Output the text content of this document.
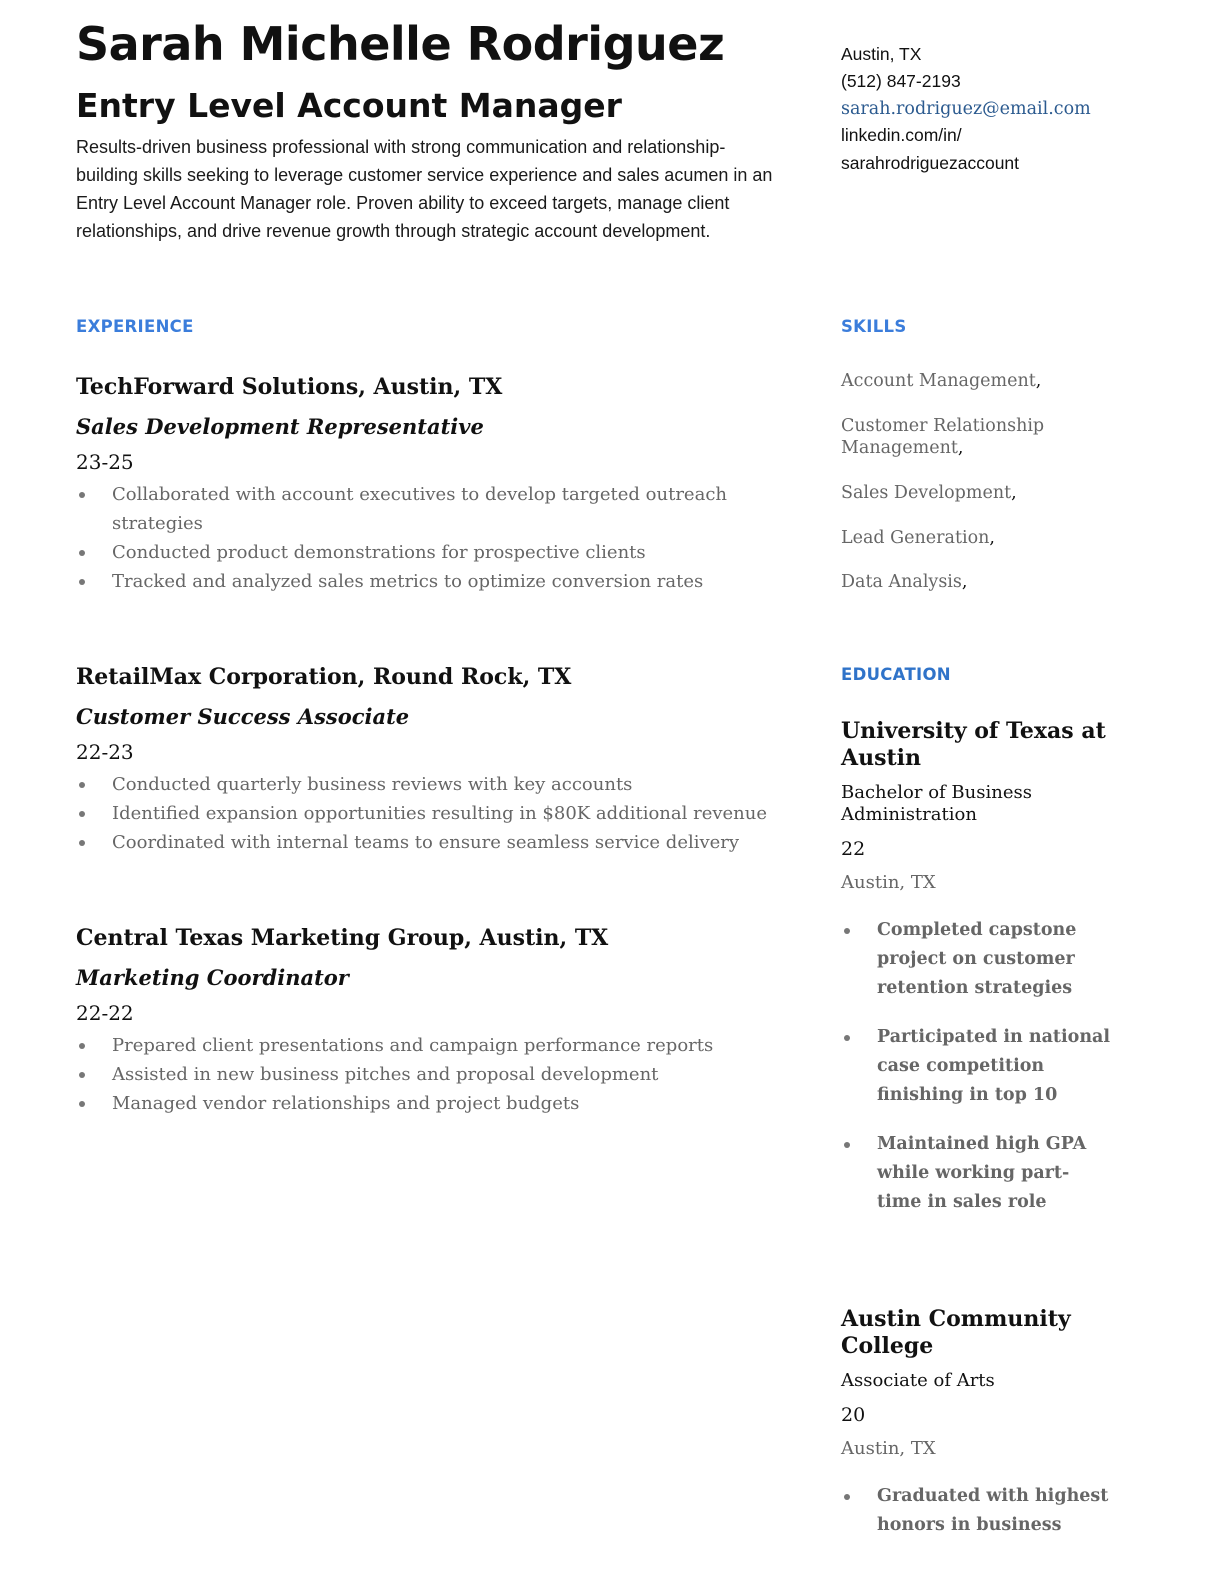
Sarah Michelle Rodriguez
Entry Level Account Manager

Results-driven business professional with strong communication and relationship-building skills seeking to leverage customer service experience and sales acumen in an Entry Level Account Manager role. Proven ability to exceed targets, manage client relationships, and drive revenue growth through strategic account development.

EXPERIENCE

TechForward Solutions, Austin, TX

Sales Development Representative

23-25

Collaborated with account executives to develop targeted outreach strategies
Conducted product demonstrations for prospective clients
Tracked and analyzed sales metrics to optimize conversion rates

RetailMax Corporation, Round Rock, TX

Customer Success Associate

22-23

Conducted quarterly business reviews with key accounts
Identified expansion opportunities resulting in $80K additional revenue
Coordinated with internal teams to ensure seamless service delivery

Central Texas Marketing Group, Austin, TX

Marketing Coordinator

22-22

Prepared client presentations and campaign performance reports
Assisted in new business pitches and proposal development
Managed vendor relationships and project budgets

Austin, TX

(512) 847-2193

sarah.rodriguez@email.com

linkedin.com/in/

sarahrodriguezaccount

SKILLS

Account Management,

Customer Relationship Management,

Sales Development,

Lead Generation,

Data Analysis,

EDUCATION

University of Texas at Austin

Bachelor of Business Administration

22

Austin, TX

Completed capstone project on customer retention strategies
Participated in national case competition finishing in top 10
Maintained high GPA while working part-time in sales role

Austin Community College

Associate of Arts

20

Austin, TX

Graduated with highest honors in business
